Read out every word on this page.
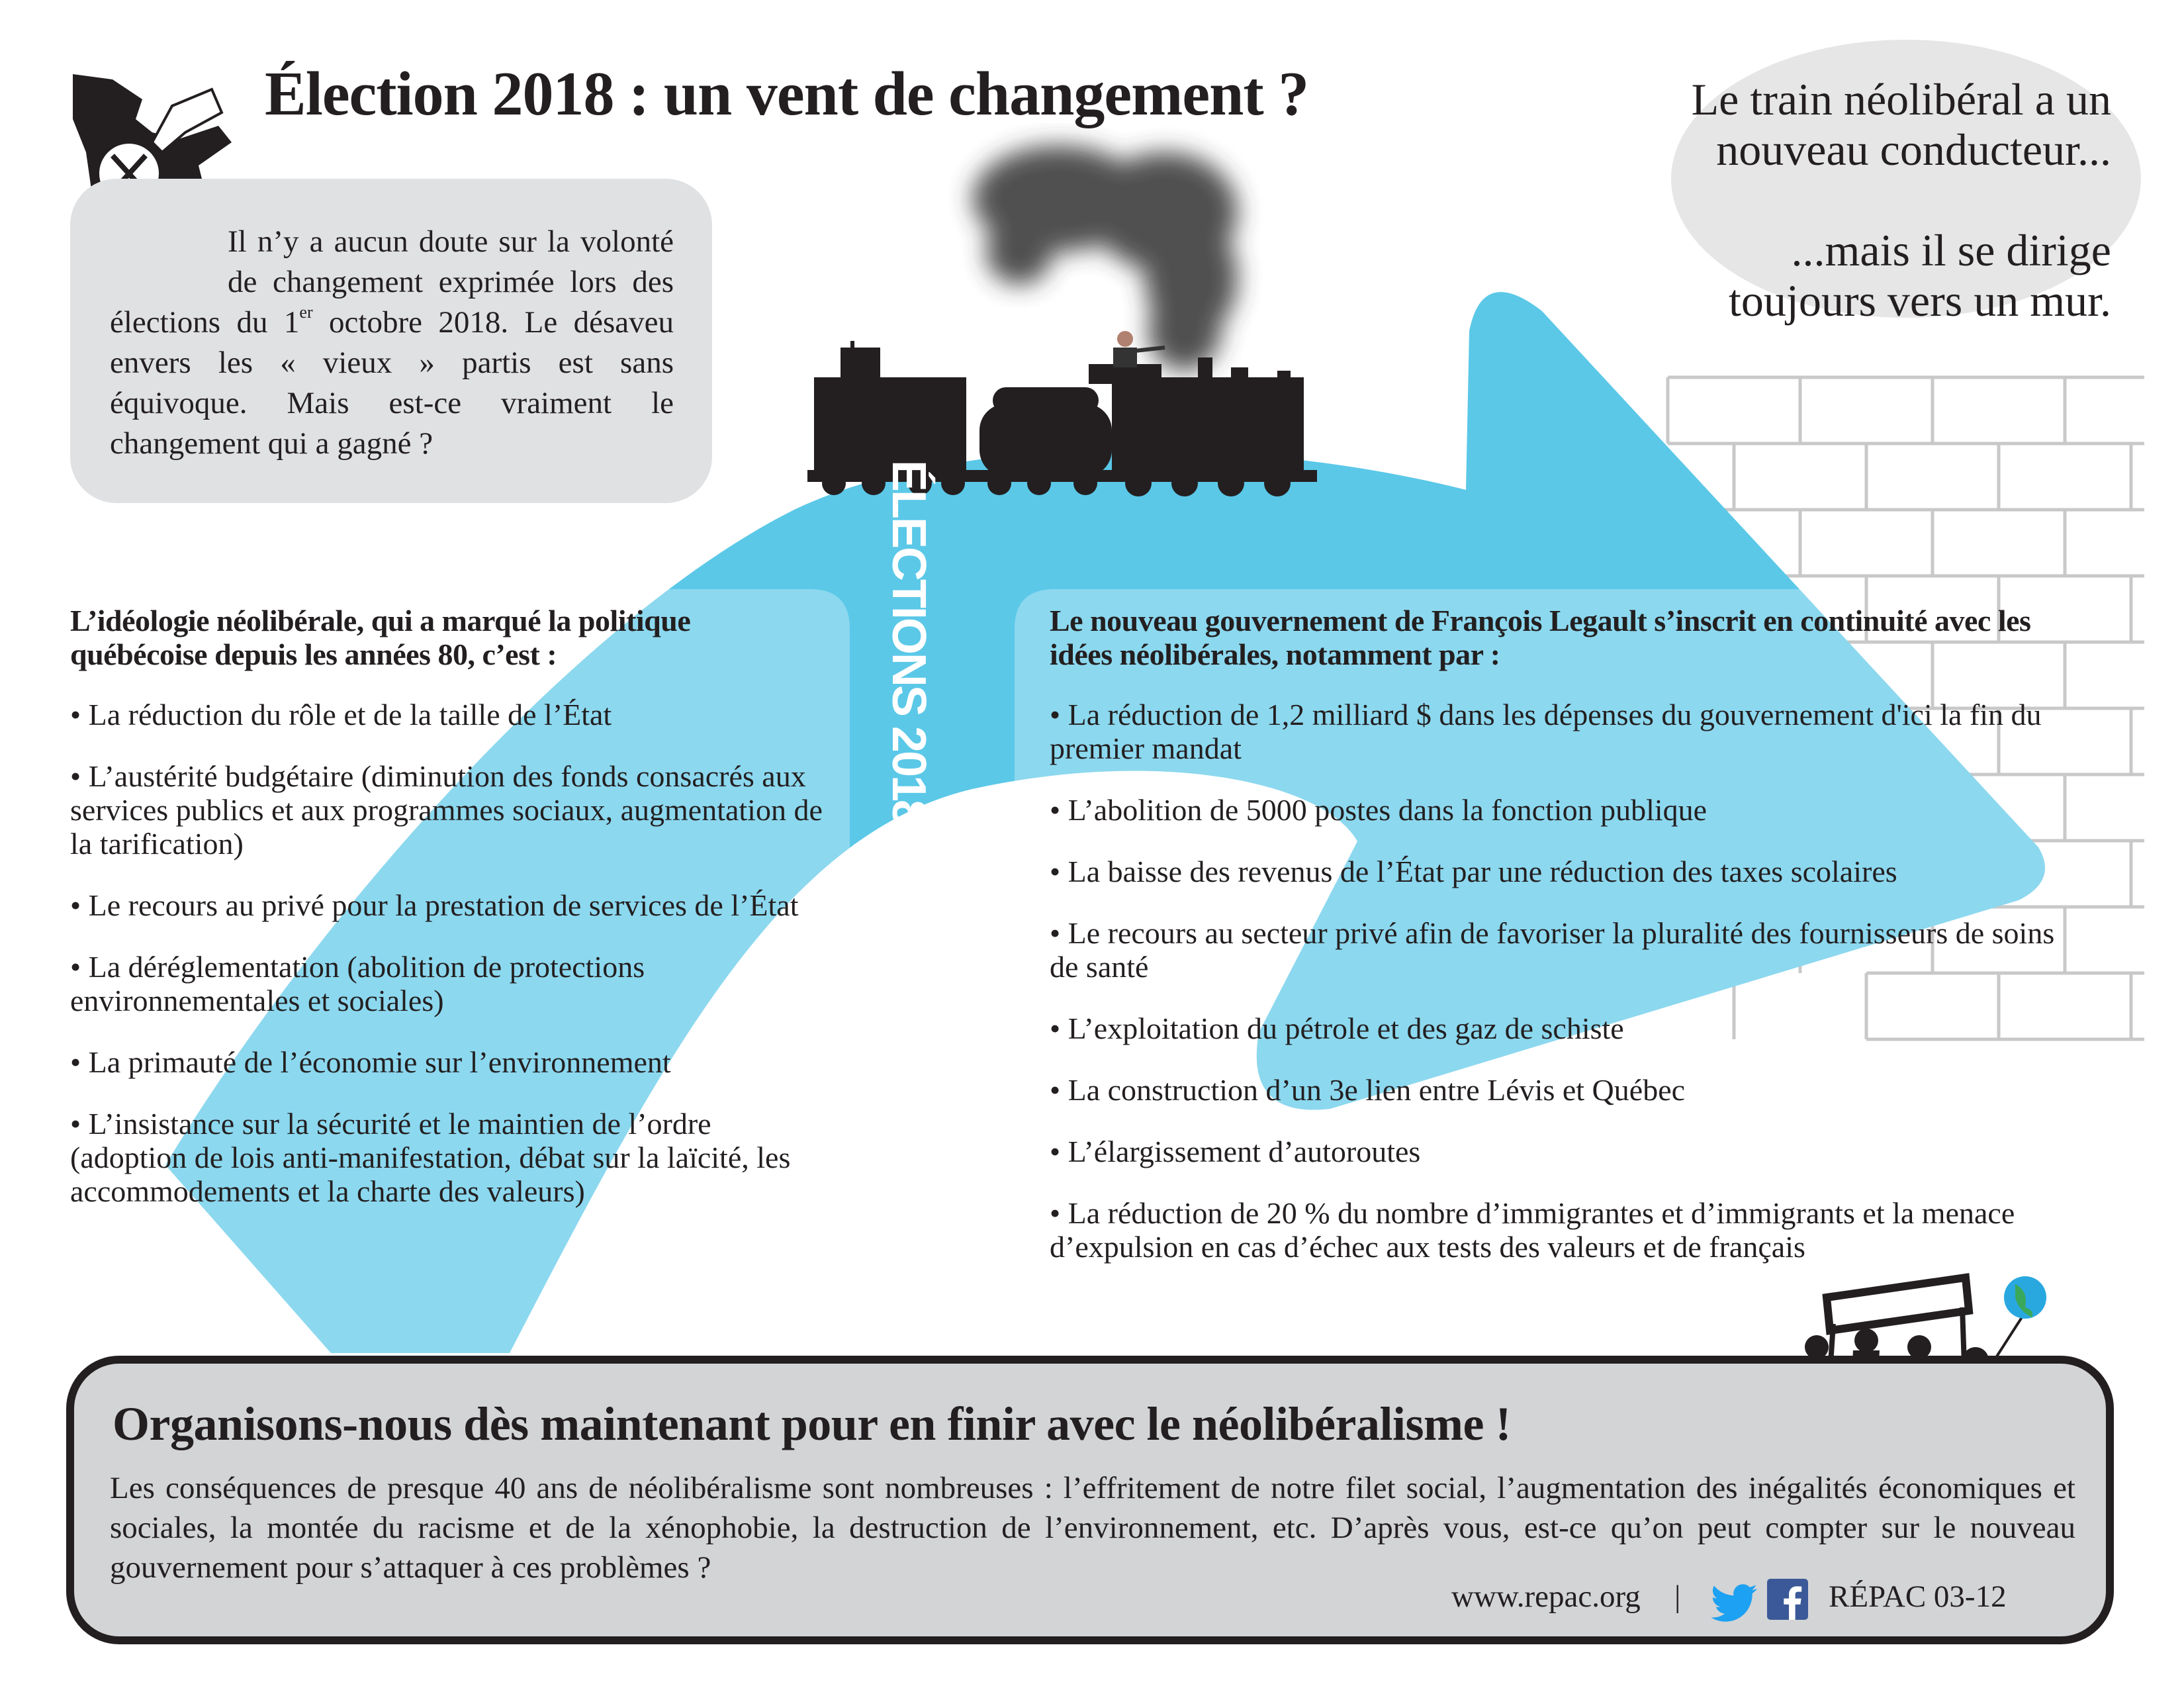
Élection 2018 : un vent de changement ?
Il n’y a aucun doute sur la volonté de changement exprimée lors des élections du 1er octobre 2018. Le désaveu envers les « vieux » partis est sans équivoque. Mais est-ce vraiment le changement qui a gagné ?
Le train néolibéral a un
nouveau conducteur...
...mais il se dirige
toujours vers un mur.
ÉLECTIONS 2018
L’idéologie néolibérale, qui a marqué la politique québécoise depuis les années 80, c’est :

• La réduction du rôle et de la taille de l’État

• L’austérité budgétaire (diminution des fonds consacrés aux services publics et aux programmes sociaux, augmentation de la tarification)

• Le recours au privé pour la prestation de services de l’État

• La déréglementation (abolition de protections environnementales et sociales)

• La primauté de l’économie sur l’environnement

• L’insistance sur la sécurité et le maintien de l’ordre (adoption de lois anti-manifestation, débat sur la laïcité, les accommodements et la charte des valeurs)

Le nouveau gouvernement de François Legault s’inscrit en continuité avec les idées néolibérales, notamment par :

• La réduction de 1,2 milliard $ dans les dépenses du gouvernement d'ici la fin du premier mandat

• L’abolition de 5000 postes dans la fonction publique

• La baisse des revenus de l’État par une réduction des taxes scolaires

• Le recours au secteur privé afin de favoriser la pluralité des fournisseurs de soins de santé

• L’exploitation du pétrole et des gaz de schiste

• La construction d’un 3e lien entre Lévis et Québec

• L’élargissement d’autoroutes

• La réduction de 20 % du nombre d’immigrantes et d’immigrants et la menace d’expulsion en cas d’échec aux tests des valeurs et de français

Organisons-nous dès maintenant pour en finir avec le néolibéralisme !
Les conséquences de presque 40 ans de néolibéralisme sont nombreuses : l’effritement de notre filet social, l’augmentation des inégalités économiques et sociales, la montée du racisme et de la xénophobie, la destruction de l’environnement, etc. D’après vous, est-ce qu’on peut compter sur le nouveau gouvernement pour s’attaquer à ces problèmes ?
www.repac.org |	RÉPAC 03-12
